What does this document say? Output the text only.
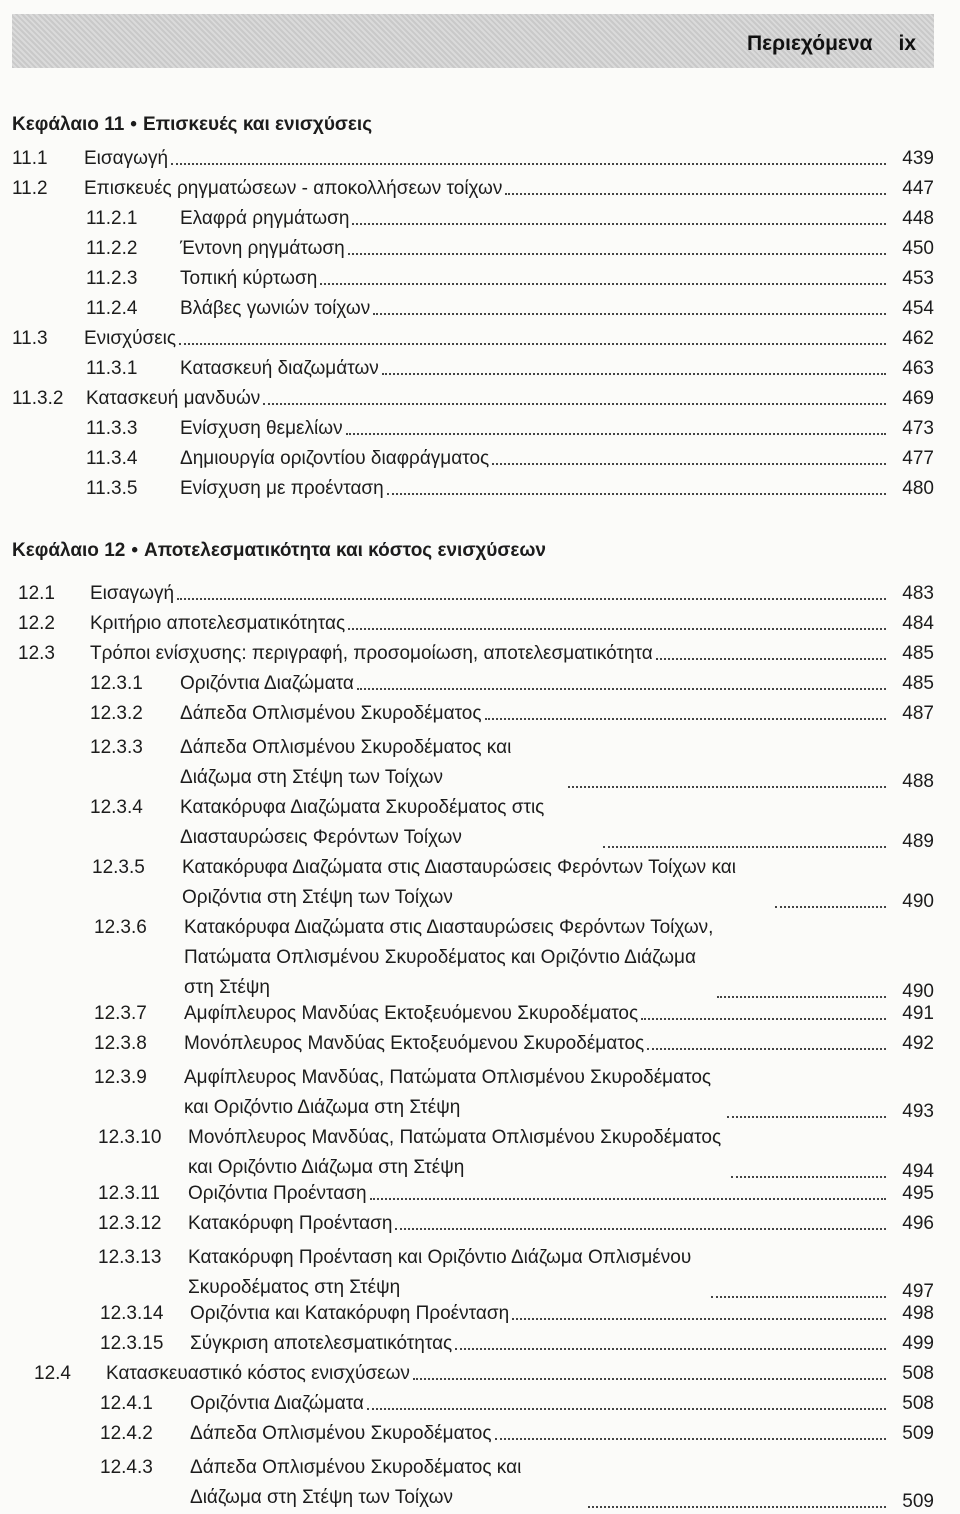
Περιεχόμενα ix
Κεφάλαιο 11 • Επισκευές και ενισχύσεις
Κεφάλαιο 12 • Αποτελεσματικότητα και κόστος ενισχύσεων
11.1	Εισαγωγή	439
11.2	Επισκευές ρηγματώσεων - αποκολλήσεων τοίχων	447
11.2.1	Ελαφρά ρηγμάτωση	448
11.2.2	Έντονη ρηγμάτωση	450
11.2.3	Τοπική κύρτωση	453
11.2.4	Βλάβες γωνιών τοίχων	454
11.3	Ενισχύσεις	462
11.3.1	Κατασκευή διαζωμάτων	463
11.3.2	Κατασκευή μανδυών	469
11.3.3	Ενίσχυση θεμελίων	473
11.3.4	Δημιουργία οριζοντίου διαφράγματος	477
11.3.5	Ενίσχυση με προένταση	480
12.1	Εισαγωγή	483
12.2	Κριτήριο αποτελεσματικότητας	484
12.3	Τρόποι ενίσχυσης: περιγραφή, προσομοίωση, αποτελεσματικότητα	485
12.3.1	Οριζόντια Διαζώματα	485
12.3.2	Δάπεδα Οπλισμένου Σκυροδέματος	487
12.3.3	Δάπεδα Οπλισμένου Σκυροδέματος και Διάζωμα στη Στέψη των Τοίχων	488
12.3.4	Κατακόρυφα Διαζώματα Σκυροδέματος στις Διασταυρώσεις Φερόντων Τοίχων	489
12.3.5	Κατακόρυφα Διαζώματα στις Διασταυρώσεις Φερόντων Τοίχων και Οριζόντια στη Στέψη των Τοίχων	490
12.3.6	Κατακόρυφα Διαζώματα στις Διασταυρώσεις Φερόντων Τοίχων, Πατώματα Οπλισμένου Σκυροδέματος και Οριζόντιο Διάζωμα στη Στέψη	490
12.3.7	Αμφίπλευρος Μανδύας Εκτοξευόμενου Σκυροδέματος	491
12.3.8	Μονόπλευρος Μανδύας Εκτοξευόμενου Σκυροδέματος	492
12.3.9	Αμφίπλευρος Μανδύας, Πατώματα Οπλισμένου Σκυροδέματος και Οριζόντιο Διάζωμα στη Στέψη	493
12.3.10	Μονόπλευρος Μανδύας, Πατώματα Οπλισμένου Σκυροδέματος και Οριζόντιο Διάζωμα στη Στέψη	494
12.3.11	Οριζόντια Προένταση	495
12.3.12	Κατακόρυφη Προένταση	496
12.3.13	Κατακόρυφη Προένταση και Οριζόντιο Διάζωμα Οπλισμένου Σκυροδέματος στη Στέψη	497
12.3.14	Οριζόντια και Κατακόρυφη Προένταση	498
12.3.15	Σύγκριση αποτελεσματικότητας	499
12.4	Κατασκευαστικό κόστος ενισχύσεων	508
12.4.1	Οριζόντια Διαζώματα	508
12.4.2	Δάπεδα Οπλισμένου Σκυροδέματος	509
12.4.3	Δάπεδα Οπλισμένου Σκυροδέματος και Διάζωμα στη Στέψη των Τοίχων	509
